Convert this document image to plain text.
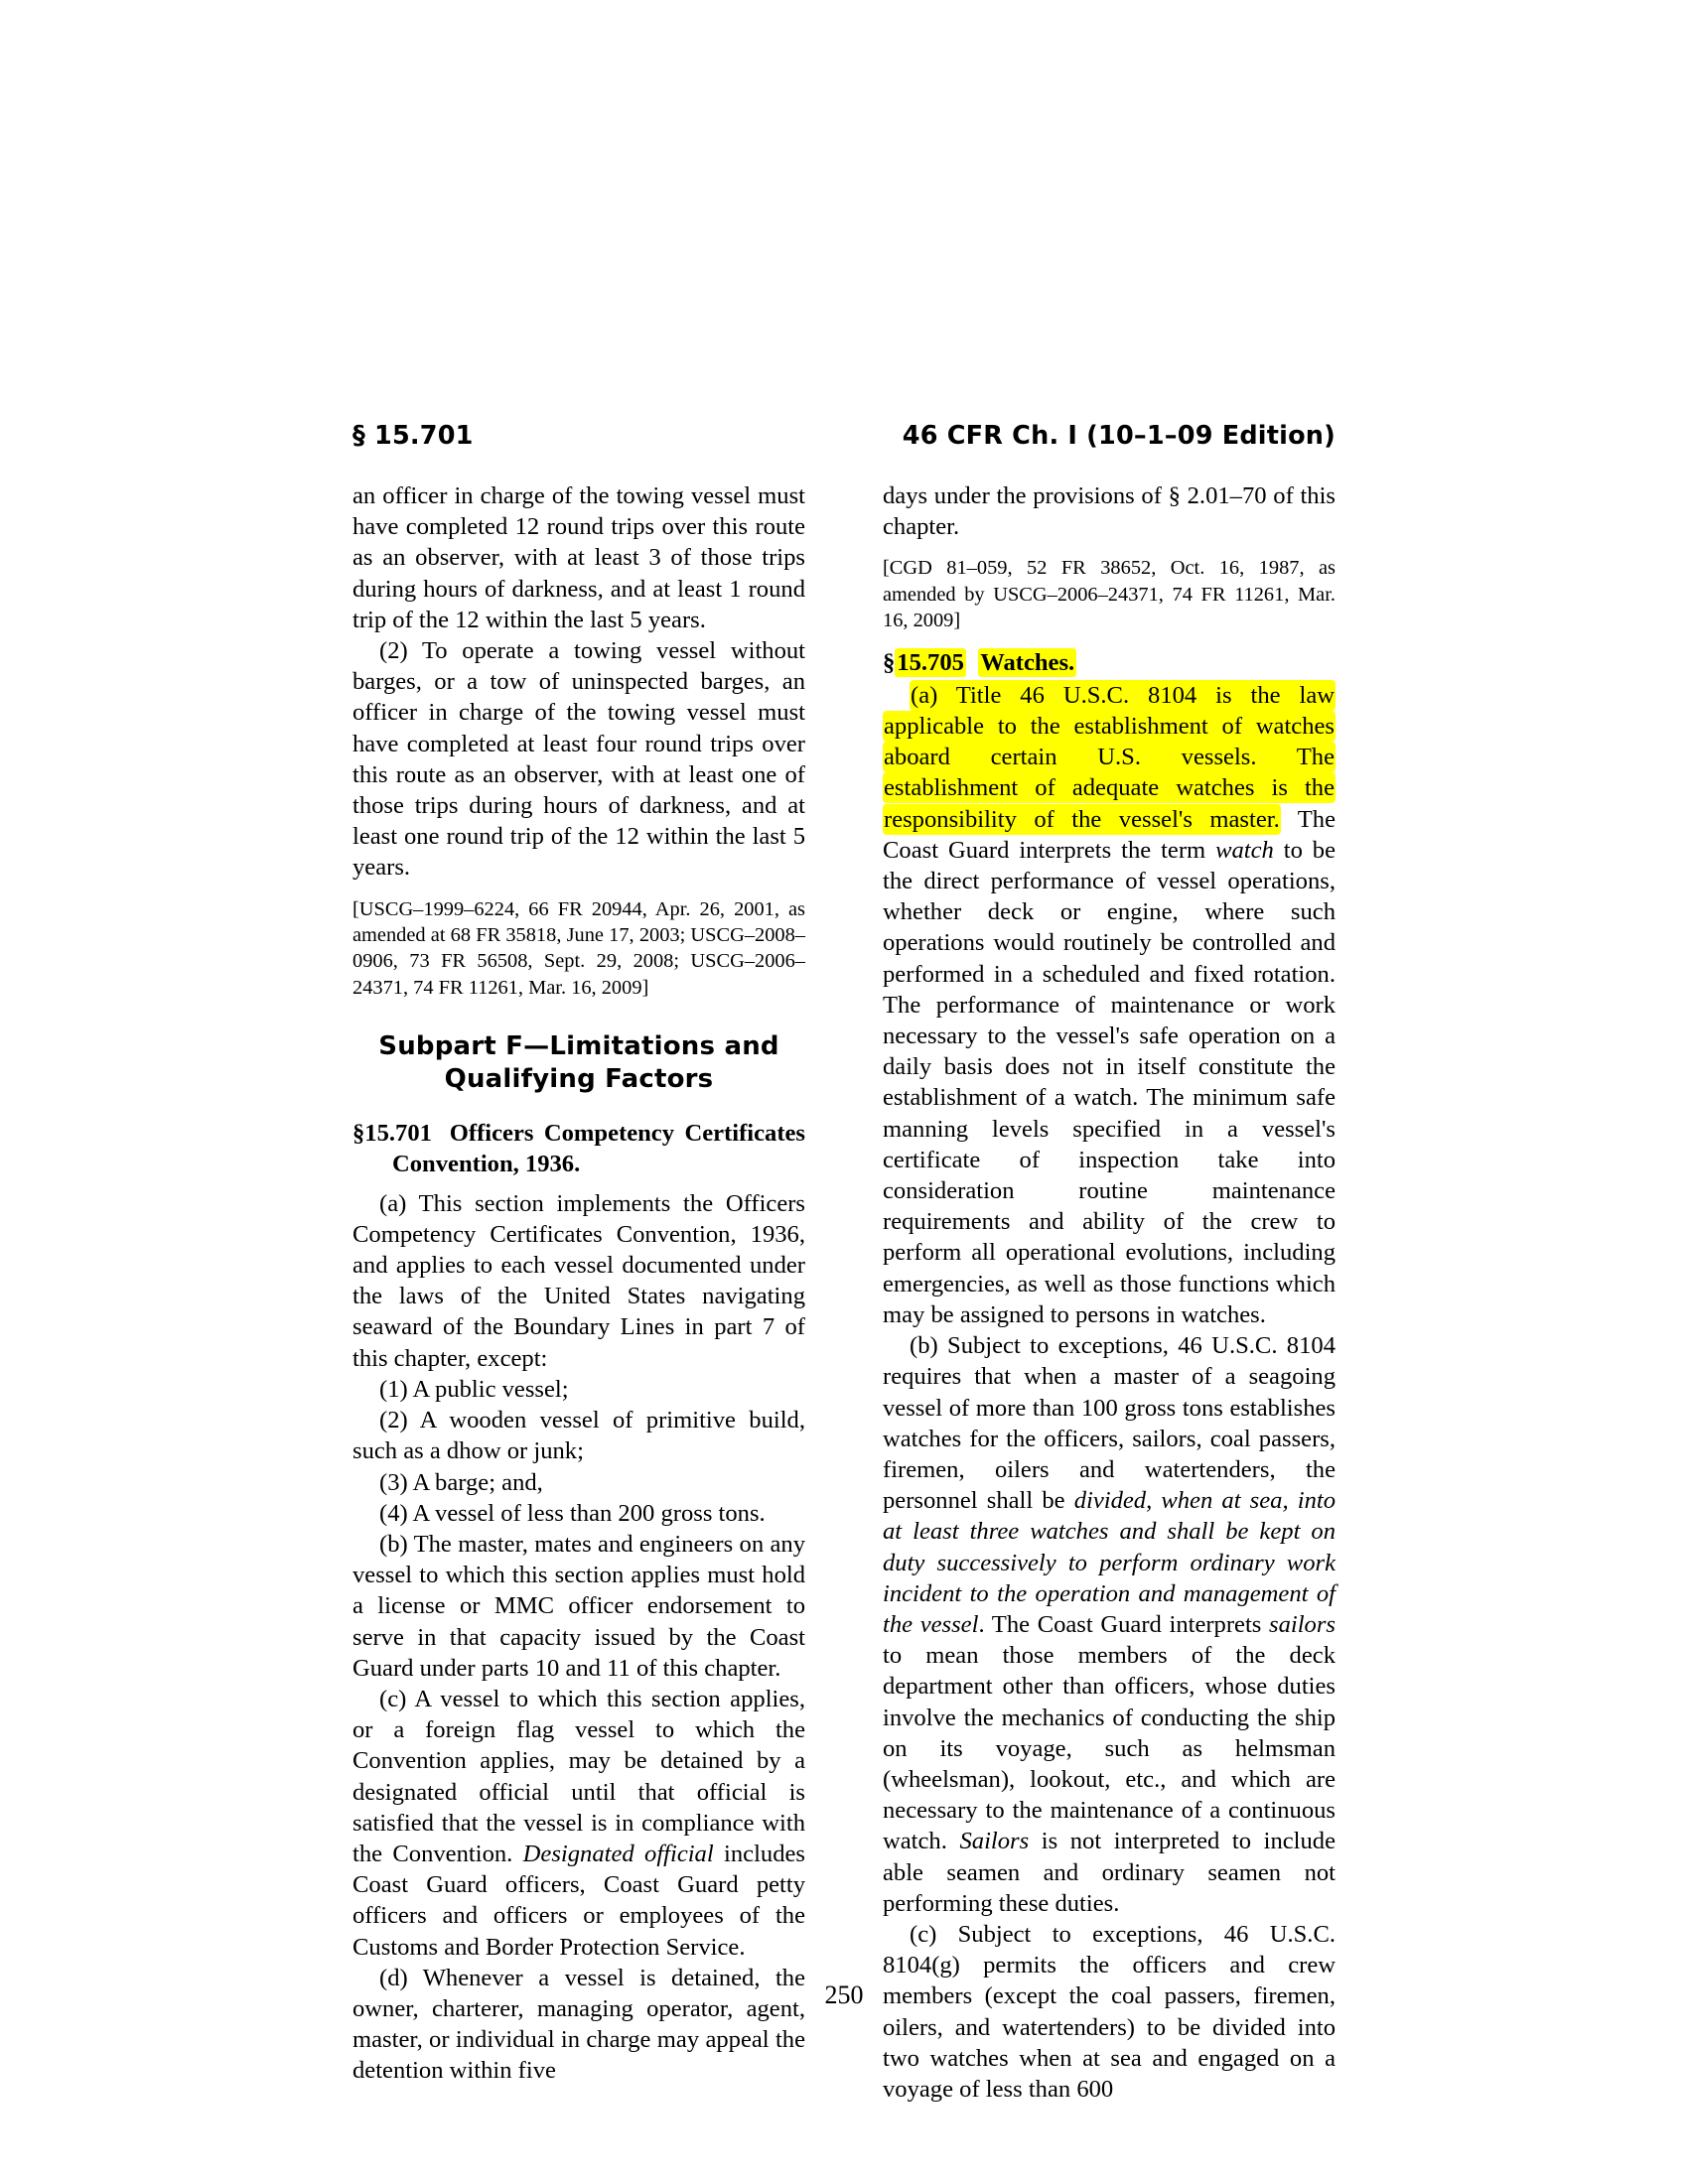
§ 15.701	46 CFR Ch. I (10–1–09 Edition)

an officer in charge of the towing vessel must have completed 12 round trips over this route as an observer, with at least 3 of those trips during hours of darkness, and at least 1 round trip of the 12 within the last 5 years.

(2) To operate a towing vessel without barges, or a tow of uninspected barges, an officer in charge of the towing vessel must have completed at least four round trips over this route as an observer, with at least one of those trips during hours of darkness, and at least one round trip of the 12 within the last 5 years.

[USCG–1999–6224, 66 FR 20944, Apr. 26, 2001, as amended at 68 FR 35818, June 17, 2003; USCG–2008–0906, 73 FR 56508, Sept. 29, 2008; USCG–2006–24371, 74 FR 11261, Mar. 16, 2009]

Subpart F—Limitations and
Qualifying Factors

§15.701 Officers Competency Certificates Convention, 1936.

(a) This section implements the Officers Competency Certificates Convention, 1936, and applies to each vessel documented under the laws of the United States navigating seaward of the Boundary Lines in part 7 of this chapter, except:

(1) A public vessel;

(2) A wooden vessel of primitive build, such as a dhow or junk;

(3) A barge; and,

(4) A vessel of less than 200 gross tons.

(b) The master, mates and engineers on any vessel to which this section applies must hold a license or MMC officer endorsement to serve in that capacity issued by the Coast Guard under parts 10 and 11 of this chapter.

(c) A vessel to which this section applies, or a foreign flag vessel to which the Convention applies, may be detained by a designated official until that official is satisfied that the vessel is in compliance with the Convention. Designated official includes Coast Guard officers, Coast Guard petty officers and officers or employees of the Customs and Border Protection Service.

(d) Whenever a vessel is detained, the owner, charterer, managing operator, agent, master, or individual in charge may appeal the detention within five

days under the provisions of § 2.01–70 of this chapter.

[CGD 81–059, 52 FR 38652, Oct. 16, 1987, as amended by USCG–2006–24371, 74 FR 11261, Mar. 16, 2009]

§15.705 Watches.

(a) Title 46 U.S.C. 8104 is the law applicable to the establishment of watches aboard certain U.S. vessels. The establishment of adequate watches is the responsibility of the vessel's master. The Coast Guard interprets the term watch to be the direct performance of vessel operations, whether deck or engine, where such operations would routinely be controlled and performed in a scheduled and fixed rotation. The performance of maintenance or work necessary to the vessel's safe operation on a daily basis does not in itself constitute the establishment of a watch. The minimum safe manning levels specified in a vessel's certificate of inspection take into consideration routine maintenance requirements and ability of the crew to perform all operational evolutions, including emergencies, as well as those functions which may be assigned to persons in watches.

(b) Subject to exceptions, 46 U.S.C. 8104 requires that when a master of a seagoing vessel of more than 100 gross tons establishes watches for the officers, sailors, coal passers, firemen, oilers and watertenders, the personnel shall be divided, when at sea, into at least three watches and shall be kept on duty successively to perform ordinary work incident to the operation and management of the vessel. The Coast Guard interprets sailors to mean those members of the deck department other than officers, whose duties involve the mechanics of conducting the ship on its voyage, such as helmsman (wheelsman), lookout, etc., and which are necessary to the maintenance of a continuous watch. Sailors is not interpreted to include able seamen and ordinary seamen not performing these duties.

(c) Subject to exceptions, 46 U.S.C. 8104(g) permits the officers and crew members (except the coal passers, firemen, oilers, and watertenders) to be divided into two watches when at sea and engaged on a voyage of less than 600

250
